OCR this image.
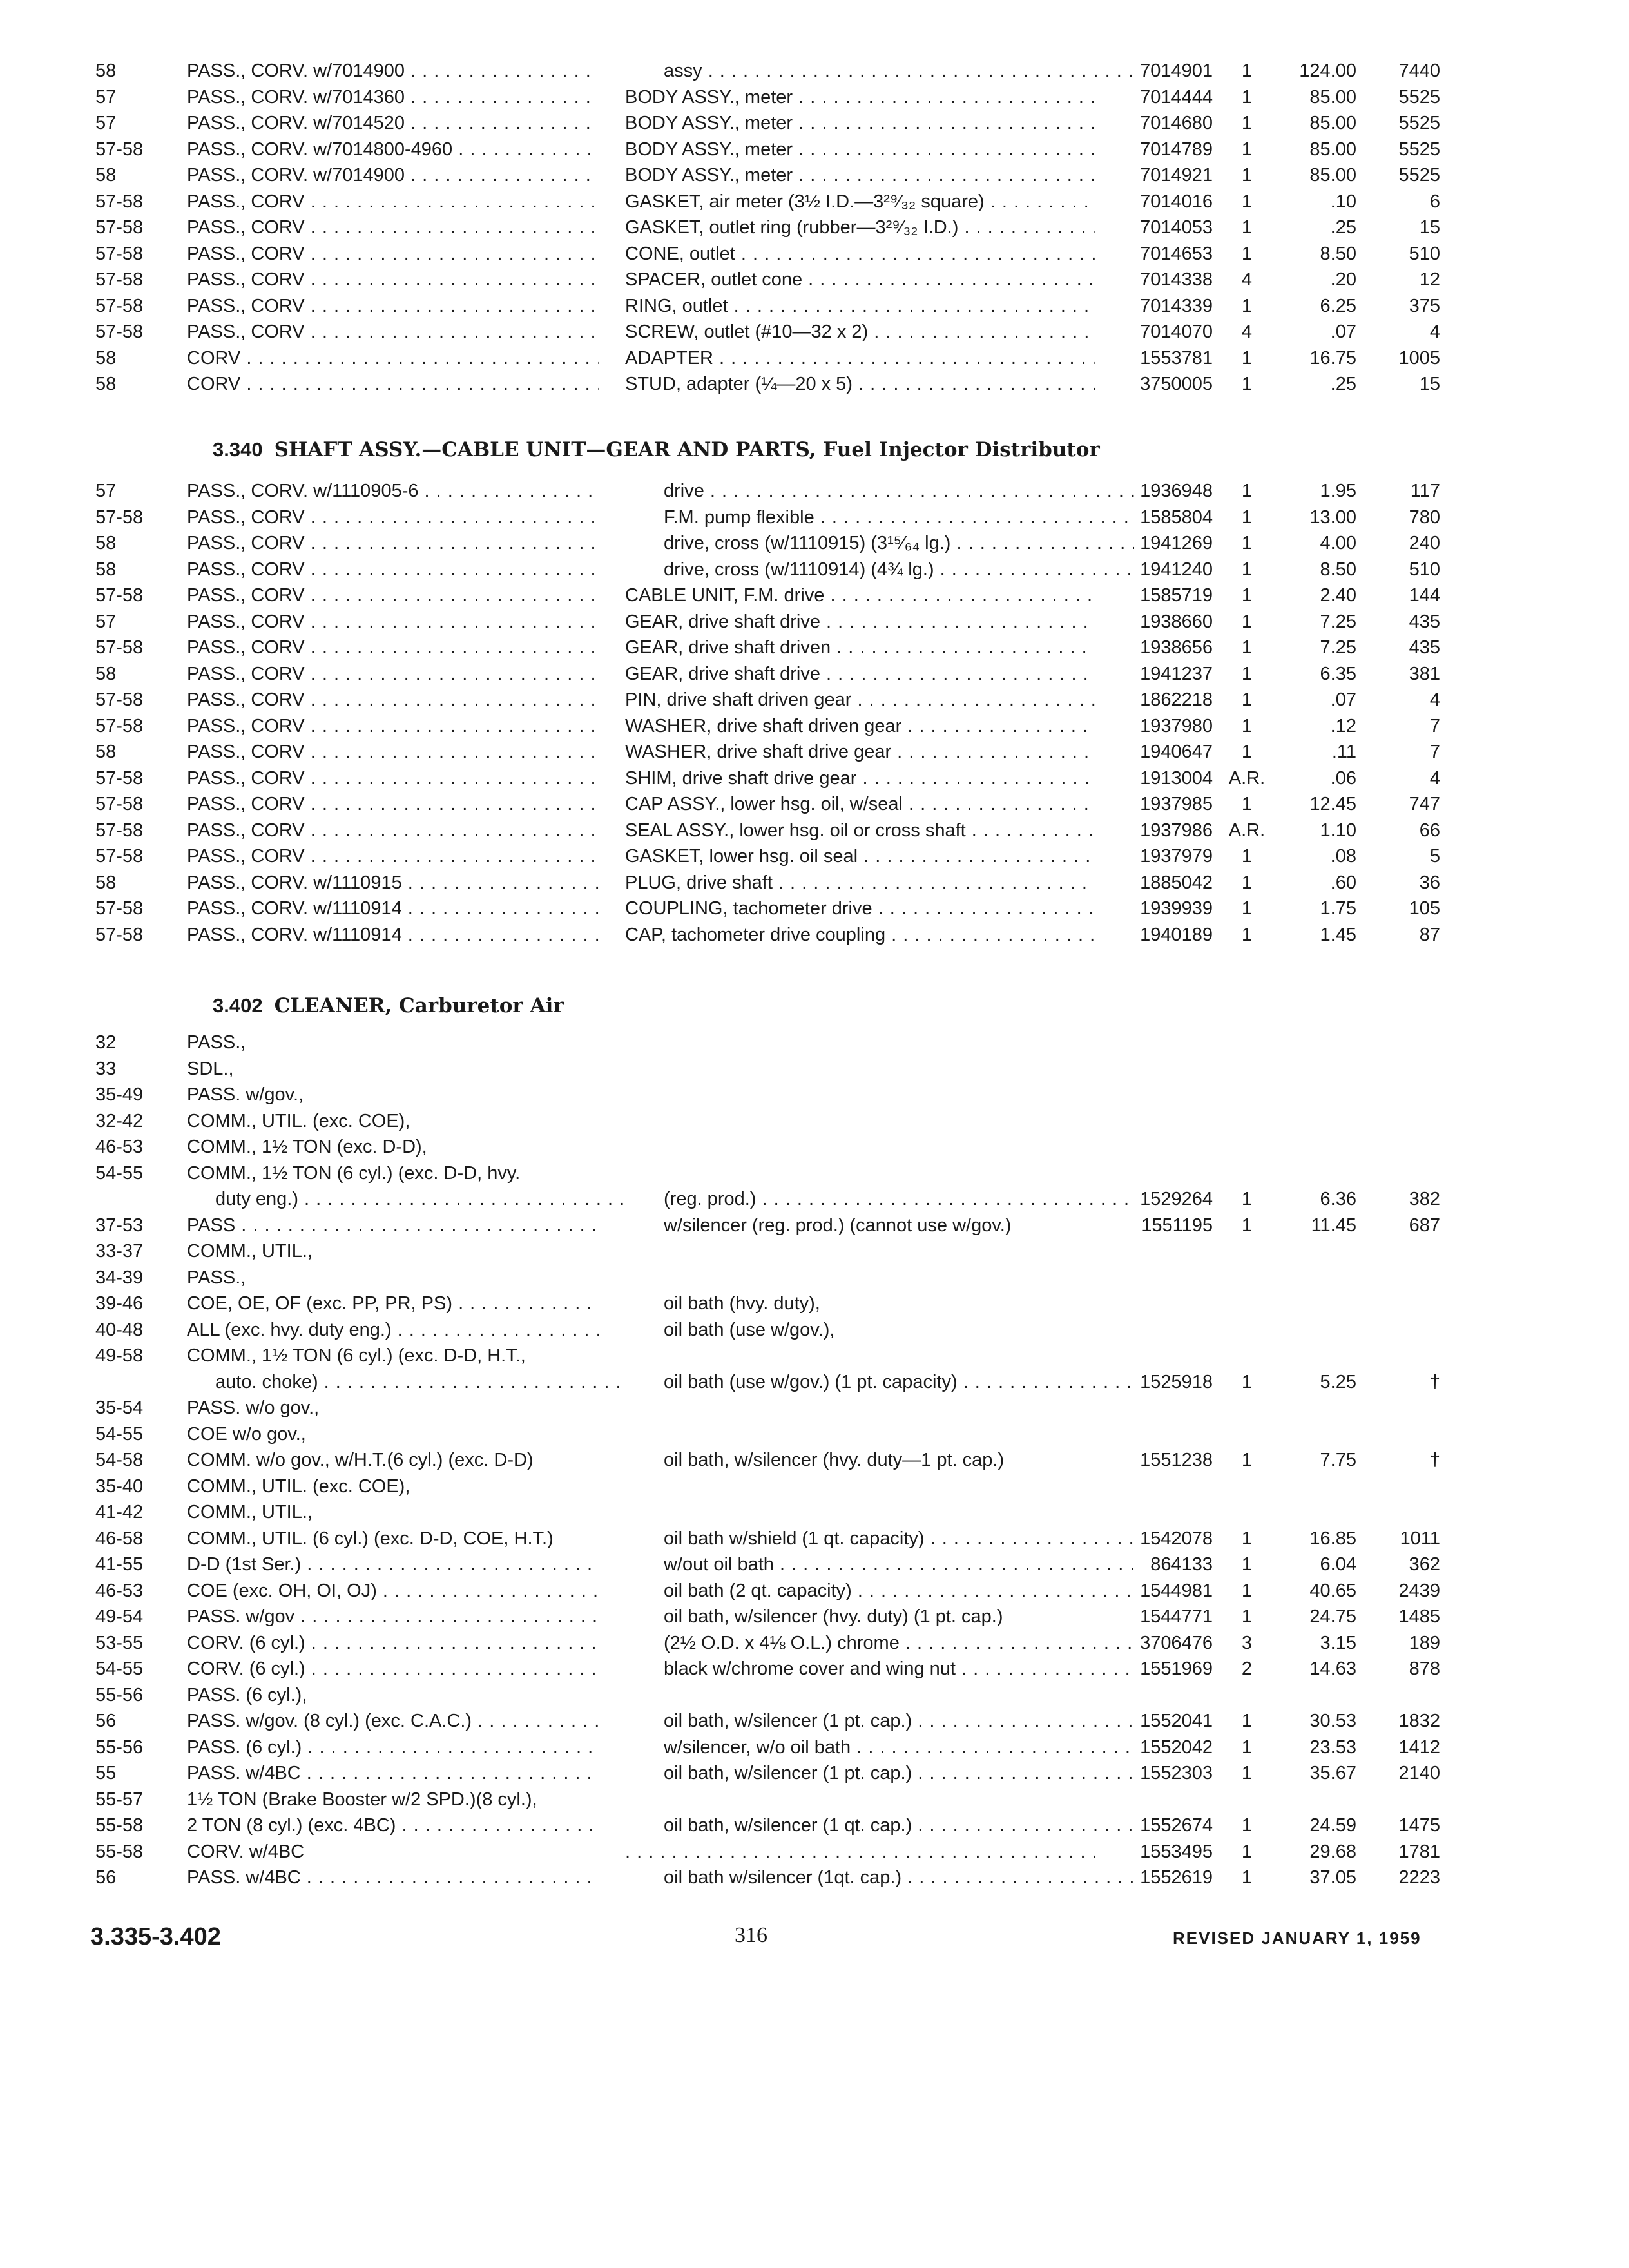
58	PASS., CORV. w/7014900 . . .	assy . . .	7014901	1	124.00	7440
57	PASS., CORV. w/7014360 . . .	BODY ASSY., meter . . .	7014444	1	85.00	5525
57	PASS., CORV. w/7014520 . . .	BODY ASSY., meter . . .	7014680	1	85.00	5525
57-58	PASS., CORV. w/7014800-4960 . . .	BODY ASSY., meter . . .	7014789	1	85.00	5525
58	PASS., CORV. w/7014900 . . .	BODY ASSY., meter . . .	7014921	1	85.00	5525
57-58	PASS., CORV . . .	GASKET, air meter (3½ I.D.—3²⁹⁄₃₂ square) . . .	7014016	1	.10	6
57-58	PASS., CORV . . .	GASKET, outlet ring (rubber—3²⁹⁄₃₂ I.D.) . . .	7014053	1	.25	15
57-58	PASS., CORV . . .	CONE, outlet . . .	7014653	1	8.50	510
57-58	PASS., CORV . . .	SPACER, outlet cone . . .	7014338	4	.20	12
57-58	PASS., CORV . . .	RING, outlet . . .	7014339	1	6.25	375
57-58	PASS., CORV . . .	SCREW, outlet (#10—32 x 2) . . .	7014070	4	.07	4
58	CORV . . .	ADAPTER . . .	1553781	1	16.75	1005
58	CORV . . .	STUD, adapter (¼—20 x 5) . . .	3750005	1	.25	15
3.340 SHAFT ASSY.—CABLE UNIT—GEAR AND PARTS, Fuel Injector Distributor
57	PASS., CORV. w/1110905-6 . . .	drive . . .	1936948	1	1.95	117
57-58	PASS., CORV . . .	F.M. pump flexible . . .	1585804	1	13.00	780
58	PASS., CORV . . .	drive, cross (w/1110915) (3¹⁵⁄₆₄ lg.) . . .	1941269	1	4.00	240
58	PASS., CORV . . .	drive, cross (w/1110914) (4¾ lg.) . . .	1941240	1	8.50	510
57-58	PASS., CORV . . .	CABLE UNIT, F.M. drive . . .	1585719	1	2.40	144
57	PASS., CORV . . .	GEAR, drive shaft drive . . .	1938660	1	7.25	435
57-58	PASS., CORV . . .	GEAR, drive shaft driven . . .	1938656	1	7.25	435
58	PASS., CORV . . .	GEAR, drive shaft drive . . .	1941237	1	6.35	381
57-58	PASS., CORV . . .	PIN, drive shaft driven gear . . .	1862218	1	.07	4
57-58	PASS., CORV . . .	WASHER, drive shaft driven gear . . .	1937980	1	.12	7
58	PASS., CORV . . .	WASHER, drive shaft drive gear . . .	1940647	1	.11	7
57-58	PASS., CORV . . .	SHIM, drive shaft drive gear . . .	1913004 A.R.	.06	4
57-58	PASS., CORV . . .	CAP ASSY., lower hsg. oil, w/seal . . .	1937985	1	12.45	747
57-58	PASS., CORV . . .	SEAL ASSY., lower hsg. oil or cross shaft . . .	1937986 A.R.	1.10	66
57-58	PASS., CORV . . .	GASKET, lower hsg. oil seal . . .	1937979	1	.08	5
58	PASS., CORV. w/1110915 . . .	PLUG, drive shaft . . .	1885042	1	.60	36
57-58	PASS., CORV. w/1110914 . . .	COUPLING, tachometer drive . . .	1939939	1	1.75	105
57-58	PASS., CORV. w/1110914 . . .	CAP, tachometer drive coupling . . .	1940189	1	1.45	87
3.402 CLEANER, Carburetor Air
32	PASS.,
33	SDL.,
35-49	PASS. w/gov.,
32-42	COMM., UTIL. (exc. COE),
46-53	COMM., 1½ TON (exc. D-D),
54-55	COMM., 1½ TON (6 cyl.) (exc. D-D, hvy.
duty eng.) . . .	(reg. prod.) . . .	1529264	1	6.36	382
37-53	PASS . . .	w/silencer (reg. prod.) (cannot use w/gov.)	1551195	1	11.45	687
33-37	COMM., UTIL.,
34-39	PASS.,
39-46	COE, OE, OF (exc. PP, PR, PS) . . .	oil bath (hvy. duty),
40-48	ALL (exc. hvy. duty eng.) . . .	oil bath (use w/gov.),
49-58	COMM., 1½ TON (6 cyl.) (exc. D-D, H.T.,
auto. choke) . . .	oil bath (use w/gov.) (1 pt. capacity) . . .	1525918	1	5.25	†
35-54	PASS. w/o gov.,
54-55	COE w/o gov.,
54-58	COMM. w/o gov., w/H.T.(6 cyl.) (exc. D-D)	oil bath, w/silencer (hvy. duty—1 pt. cap.)	1551238	1	7.75	†
35-40	COMM., UTIL. (exc. COE),
41-42	COMM., UTIL.,
46-58	COMM., UTIL. (6 cyl.) (exc. D-D, COE, H.T.)	oil bath w/shield (1 qt. capacity) . . .	1542078	1	16.85	1011
41-55	D-D (1st Ser.) . . .	w/out oil bath . . .	864133	1	6.04	362
46-53	COE (exc. OH, OI, OJ) . . .	oil bath (2 qt. capacity) . . .	1544981	1	40.65	2439
49-54	PASS. w/gov . . .	oil bath, w/silencer (hvy. duty) (1 pt. cap.)	1544771	1	24.75	1485
53-55	CORV. (6 cyl.) . . .	(2½ O.D. x 4⅛ O.L.) chrome . . .	3706476	3	3.15	189
54-55	CORV. (6 cyl.) . . .	black w/chrome cover and wing nut . . .	1551969	2	14.63	878
55-56	PASS. (6 cyl.),
56	PASS. w/gov. (8 cyl.) (exc. C.A.C.) . . .	oil bath, w/silencer (1 pt. cap.) . . .	1552041	1	30.53	1832
55-56	PASS. (6 cyl.) . . .	w/silencer, w/o oil bath . . .	1552042	1	23.53	1412
55	PASS. w/4BC . . .	oil bath, w/silencer (1 pt. cap.) . . .	1552303	1	35.67	2140
55-57	1½ TON (Brake Booster w/2 SPD.)(8 cyl.),
55-58	2 TON (8 cyl.) (exc. 4BC) . . .	oil bath, w/silencer (1 qt. cap.) . . .	1552674	1	24.59	1475
55-58	CORV. w/4BC
. . .	1553495	1	29.68	1781
56	PASS. w/4BC . . .	oil bath w/silencer (1qt. cap.) . . .	1552619	1	37.05	2223
3.335-3.402	316	REVISED JANUARY 1, 1959
